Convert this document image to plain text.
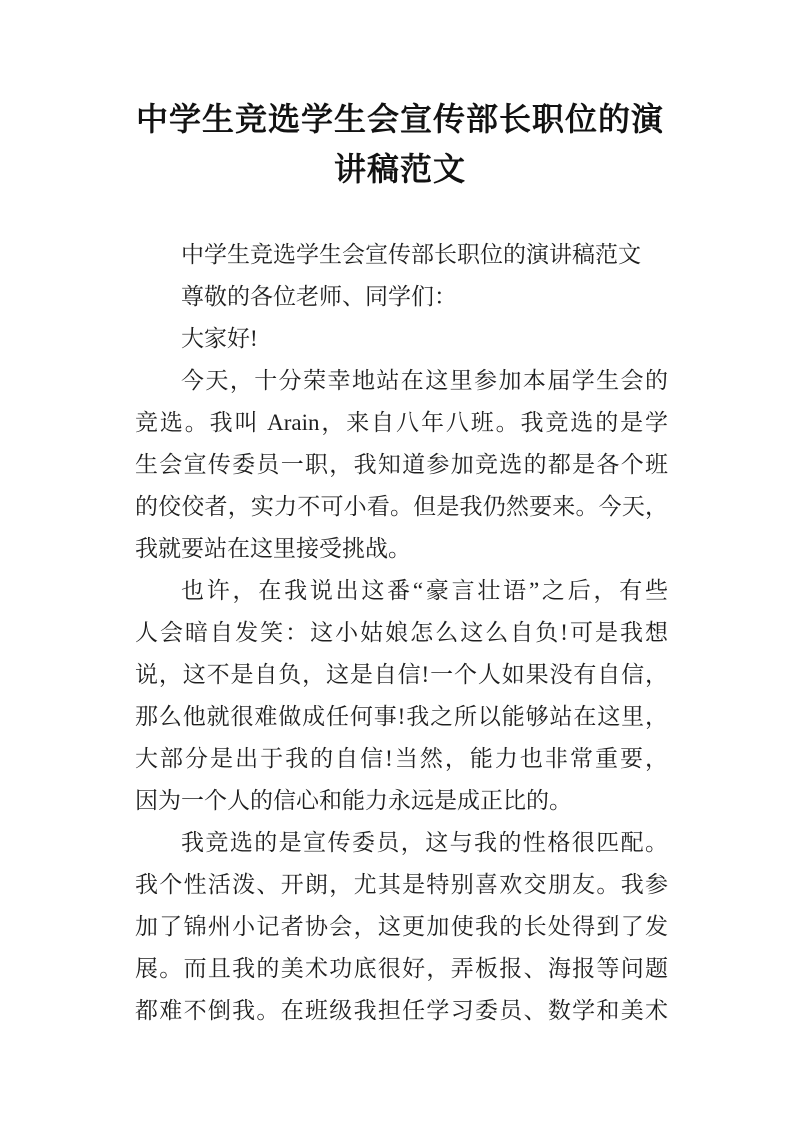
中学生竞选学生会宣传部长职位的演
讲稿范文
中学生竞选学生会宣传部长职位的演讲稿范文
尊敬的各位老师、同学们：
大家好!
今天，十分荣幸地站在这里参加本届学生会的
竞选。我叫 Arain，来自八年八班。我竞选的是学
生会宣传委员一职，我知道参加竞选的都是各个班
的佼佼者，实力不可小看。但是我仍然要来。今天，
我就要站在这里接受挑战。
也许，在我说出这番“豪言壮语”之后，有些
人会暗自发笑：这小姑娘怎么这么自负!可是我想
说，这不是自负，这是自信!一个人如果没有自信，
那么他就很难做成任何事!我之所以能够站在这里，
大部分是出于我的自信!当然，能力也非常重要，
因为一个人的信心和能力永远是成正比的。
我竞选的是宣传委员，这与我的性格很匹配。
我个性活泼、开朗，尤其是特别喜欢交朋友。我参
加了锦州小记者协会，这更加使我的长处得到了发
展。而且我的美术功底很好，弄板报、海报等问题
都难不倒我。在班级我担任学习委员、数学和美术
